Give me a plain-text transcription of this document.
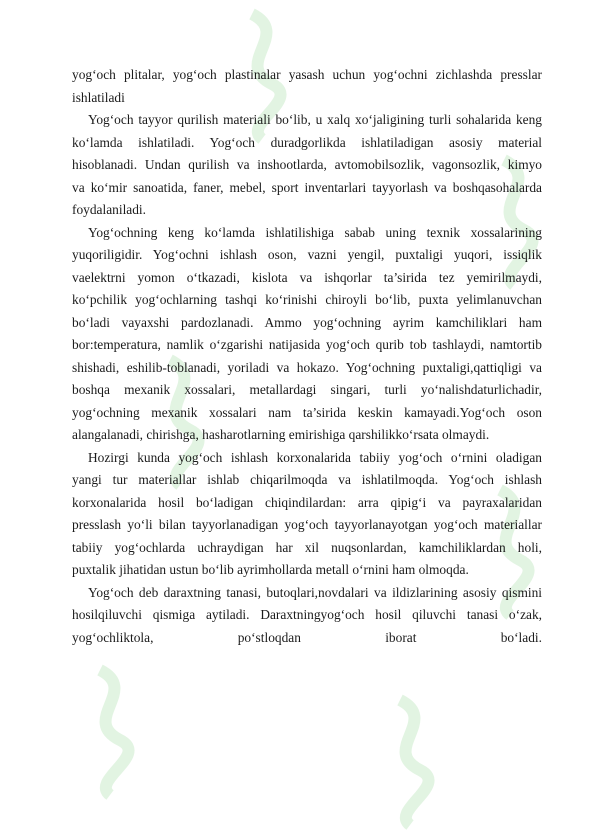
yog‘och plitalar, yog‘och plastinalar yasash uchun yog‘ochni zichlashda presslar
ishlatiladi
Yog‘och tayyor qurilish materiali bo‘lib, u xalq xo‘jaligining turli sohalarida keng
ko‘lamda ishlatiladi. Yog‘och duradgorlikda ishlatiladigan asosiy material
hisoblanadi. Undan qurilish va inshootlarda, avtomobilsozlik, vagonsozlik, kimyo
va ko‘mir sanoatida, faner, mebel, sport inventarlari tayyorlash va boshqasohalarda
foydalaniladi.
Yog‘ochning keng ko‘lamda ishlatilishiga sabab uning texnik xossalarining
yuqoriligidir. Yog‘ochni ishlash oson, vazni yengil, puxtaligi yuqori, issiqlik
vaelektrni yomon o‘tkazadi, kislota va ishqorlar ta’sirida tez yemirilmaydi,
ko‘pchilik yog‘ochlarning tashqi ko‘rinishi chiroyli bo‘lib, puxta yelimlanuvchan
bo‘ladi vayaxshi pardozlanadi. Ammo yog‘ochning ayrim kamchiliklari ham
bor:temperatura, namlik o‘zgarishi natijasida yog‘och qurib tob tashlaydi, namtortib
shishadi, eshilib-toblanadi, yoriladi va hokazo. Yog‘ochning puxtaligi,qattiqligi va
boshqa mexanik xossalari, metallardagi singari, turli yo‘nalishdaturlichadir,
yog‘ochning mexanik xossalari nam ta’sirida keskin kamayadi.Yog‘och oson
alangalanadi, chirishga, hasharotlarning emirishiga qarshilikko‘rsata olmaydi.
Hozirgi kunda yog‘och ishlash korxonalarida tabiiy yog‘och o‘rnini oladigan
yangi tur materiallar ishlab chiqarilmoqda va ishlatilmoqda. Yog‘och ishlash
korxonalarida hosil bo‘ladigan chiqindilardan: arra qipig‘i va payraxalaridan
presslash yo‘li bilan tayyorlanadigan yog‘och tayyorlanayotgan yog‘och materiallar
tabiiy yog‘ochlarda uchraydigan har xil nuqsonlardan, kamchiliklardan holi,
puxtalik jihatidan ustun bo‘lib ayrimhollarda metall o‘rnini ham olmoqda.
Yog‘och deb daraxtning tanasi, butoqlari,novdalari va ildizlarining asosiy qismini
hosilqiluvchi qismiga aytiladi. Daraxtningyog‘och hosil qiluvchi tanasi o‘zak,
yog‘ochliktola, po‘stloqdan iborat bo‘ladi.
